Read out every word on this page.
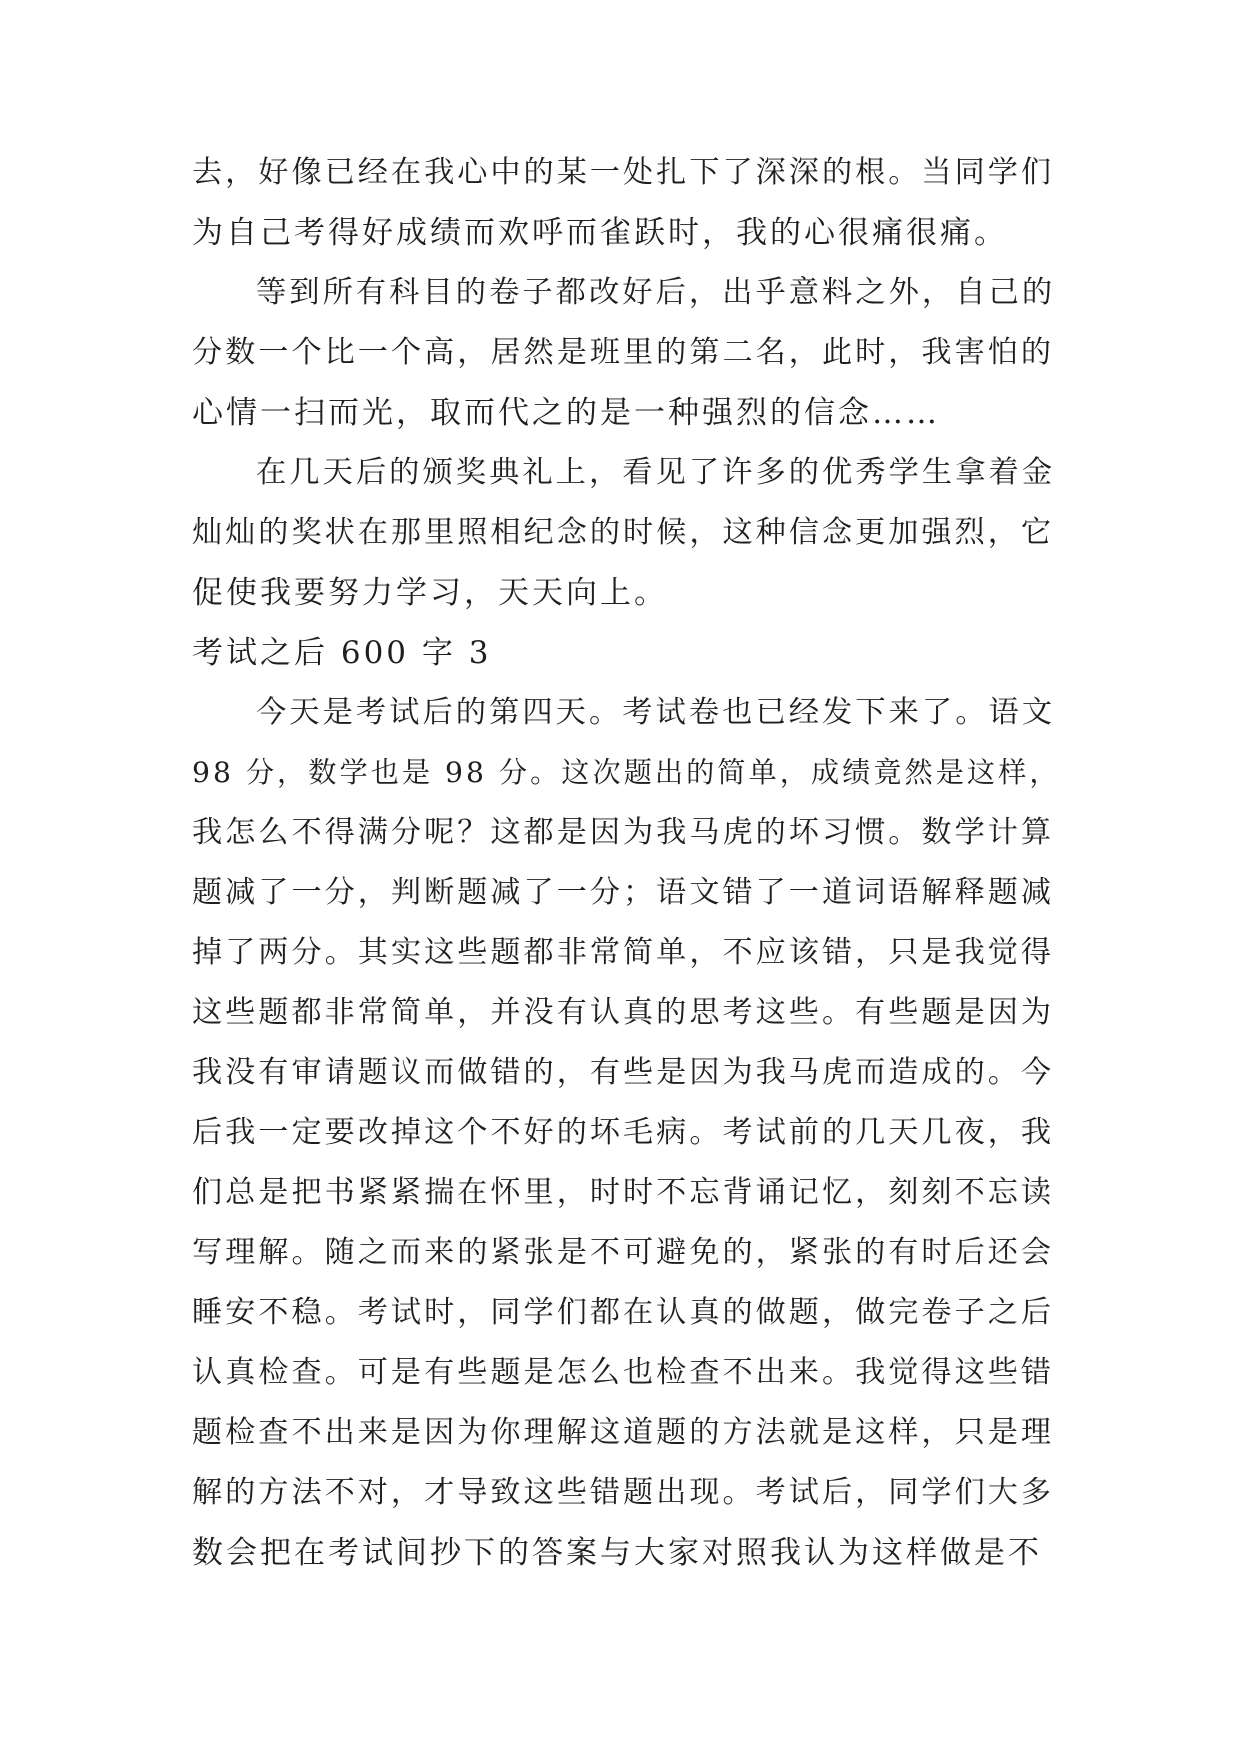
去，好像已经在我心中的某一处扎下了深深的根。当同学们
为自己考得好成绩而欢呼而雀跃时，我的心很痛很痛。
等到所有科目的卷子都改好后，出乎意料之外，自己的
分数一个比一个高，居然是班里的第二名，此时，我害怕的
心情一扫而光，取而代之的是一种强烈的信念……
在几天后的颁奖典礼上，看见了许多的优秀学生拿着金
灿灿的奖状在那里照相纪念的时候，这种信念更加强烈，它
促使我要努力学习，天天向上。
考试之后 600 字 3
今天是考试后的第四天。考试卷也已经发下来了。语文
98 分，数学也是 98 分。这次题出的简单，成绩竟然是这样，
我怎么不得满分呢？这都是因为我马虎的坏习惯。数学计算
题减了一分，判断题减了一分；语文错了一道词语解释题减
掉了两分。其实这些题都非常简单，不应该错，只是我觉得
这些题都非常简单，并没有认真的思考这些。有些题是因为
我没有审请题议而做错的，有些是因为我马虎而造成的。今
后我一定要改掉这个不好的坏毛病。考试前的几天几夜，我
们总是把书紧紧揣在怀里，时时不忘背诵记忆，刻刻不忘读
写理解。随之而来的紧张是不可避免的，紧张的有时后还会
睡安不稳。考试时，同学们都在认真的做题，做完卷子之后
认真检查。可是有些题是怎么也检查不出来。我觉得这些错
题检查不出来是因为你理解这道题的方法就是这样，只是理
解的方法不对，才导致这些错题出现。考试后，同学们大多
数会把在考试间抄下的答案与大家对照我认为这样做是不
